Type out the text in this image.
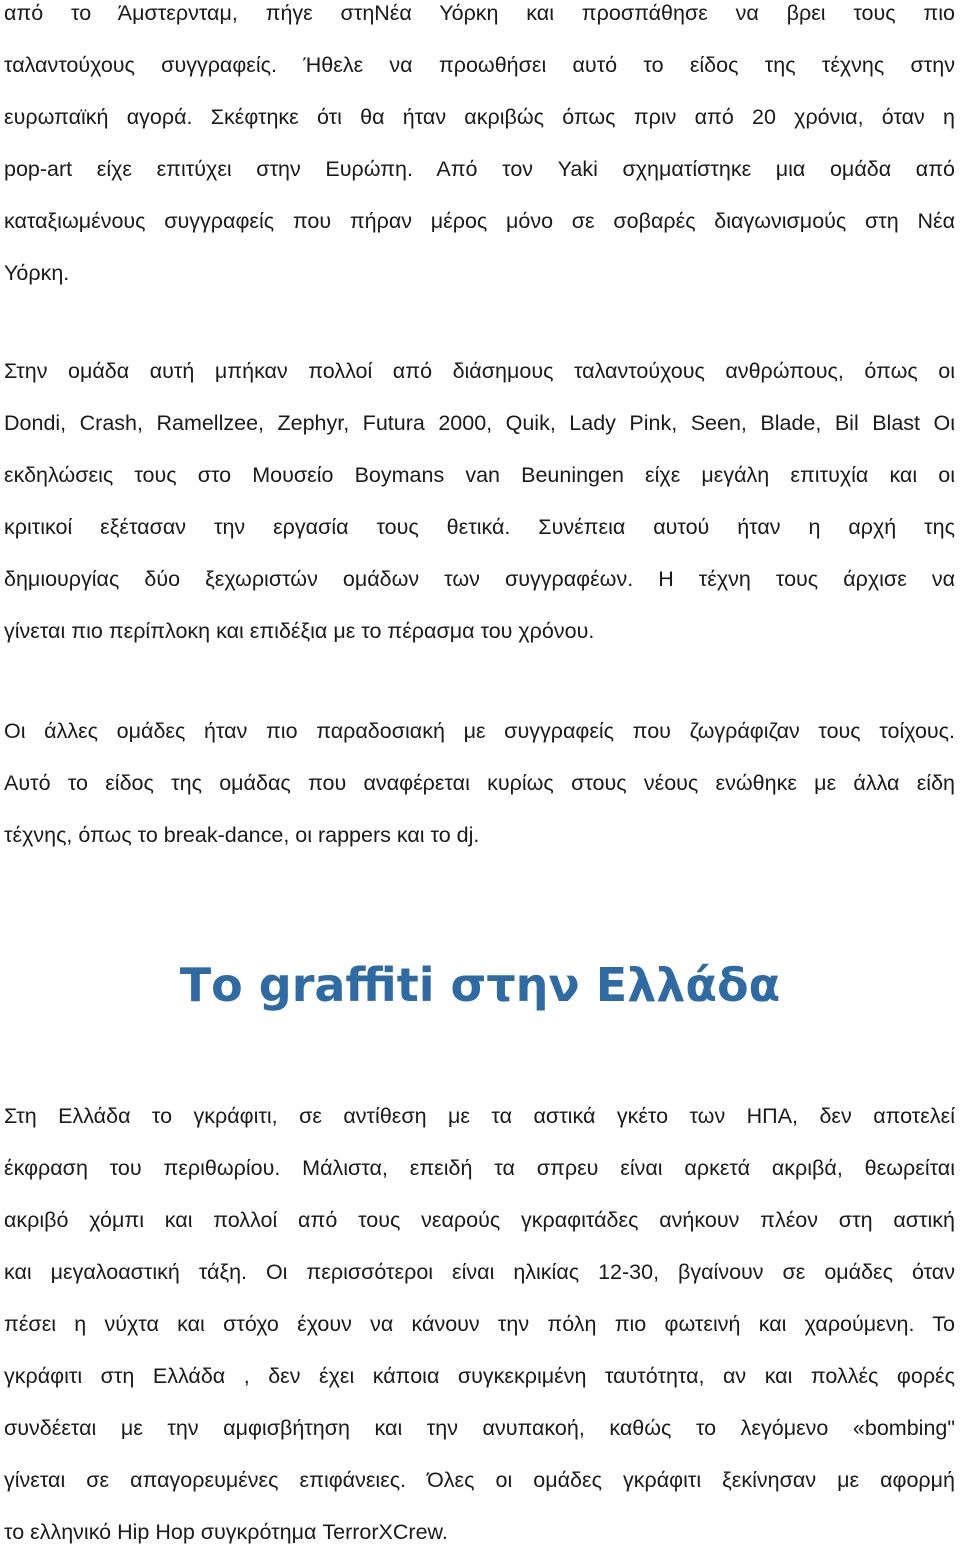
από το Άμστερνταμ, πήγε στηΝέα Υόρκη και προσπάθησε να βρει τους πιο
ταλαντούχους συγγραφείς. Ήθελε να προωθήσει αυτό το είδος της τέχνης στην
ευρωπαϊκή αγορά. Σκέφτηκε ότι θα ήταν ακριβώς όπως πριν από 20 χρόνια, όταν η
pop-art είχε επιτύχει στην Ευρώπη. Από τον Yaki σχηματίστηκε μια ομάδα από
καταξιωμένους συγγραφείς που πήραν μέρος μόνο σε σοβαρές διαγωνισμούς στη Νέα
Υόρκη.
Στην ομάδα αυτή μπήκαν πολλοί από διάσημους ταλαντούχους ανθρώπους, όπως οι
Dondi, Crash, Ramellzee, Zephyr, Futura 2000, Quik, Lady Pink, Seen, Blade, Bil Blast Οι
εκδηλώσεις τους στο Μουσείο Boymans van Beuningen είχε μεγάλη επιτυχία και οι
κριτικοί εξέτασαν την εργασία τους θετικά. Συνέπεια αυτού ήταν η αρχή της
δημιουργίας δύο ξεχωριστών ομάδων των συγγραφέων. Η τέχνη τους άρχισε να
γίνεται πιο περίπλοκη και επιδέξια με το πέρασμα του χρόνου.
Οι άλλες ομάδες ήταν πιο παραδοσιακή με συγγραφείς που ζωγράφιζαν τους τοίχους.
Αυτό το είδος της ομάδας που αναφέρεται κυρίως στους νέους ενώθηκε με άλλα είδη
τέχνης, όπως το break-dance, οι rappers και το dj.
Το graffiti στην Ελλάδα
Στη Ελλάδα το γκράφιτι, σε αντίθεση με τα αστικά γκέτο των ΗΠΑ, δεν αποτελεί
έκφραση του περιθωρίου. Μάλιστα, επειδή τα σπρευ είναι αρκετά ακριβά, θεωρείται
ακριβό χόμπι και πολλοί από τους νεαρούς γκραφιτάδες ανήκουν πλέον στη αστική
και μεγαλοαστική τάξη. Οι περισσότεροι είναι ηλικίας 12-30, βγαίνουν σε ομάδες όταν
πέσει η νύχτα και στόχο έχουν να κάνουν την πόλη πιο φωτεινή και χαρούμενη. Το
γκράφιτι στη Ελλάδα , δεν έχει κάποια συγκεκριμένη ταυτότητα, αν και πολλές φορές
συνδέεται με την αμφισβήτηση και την ανυπακοή, καθώς το λεγόμενο «bombing"
γίνεται σε απαγορευμένες επιφάνειες. Όλες οι ομάδες γκράφιτι ξεκίνησαν με αφορμή
το ελληνικό Hip Hop συγκρότημα TerrorXCrew.
